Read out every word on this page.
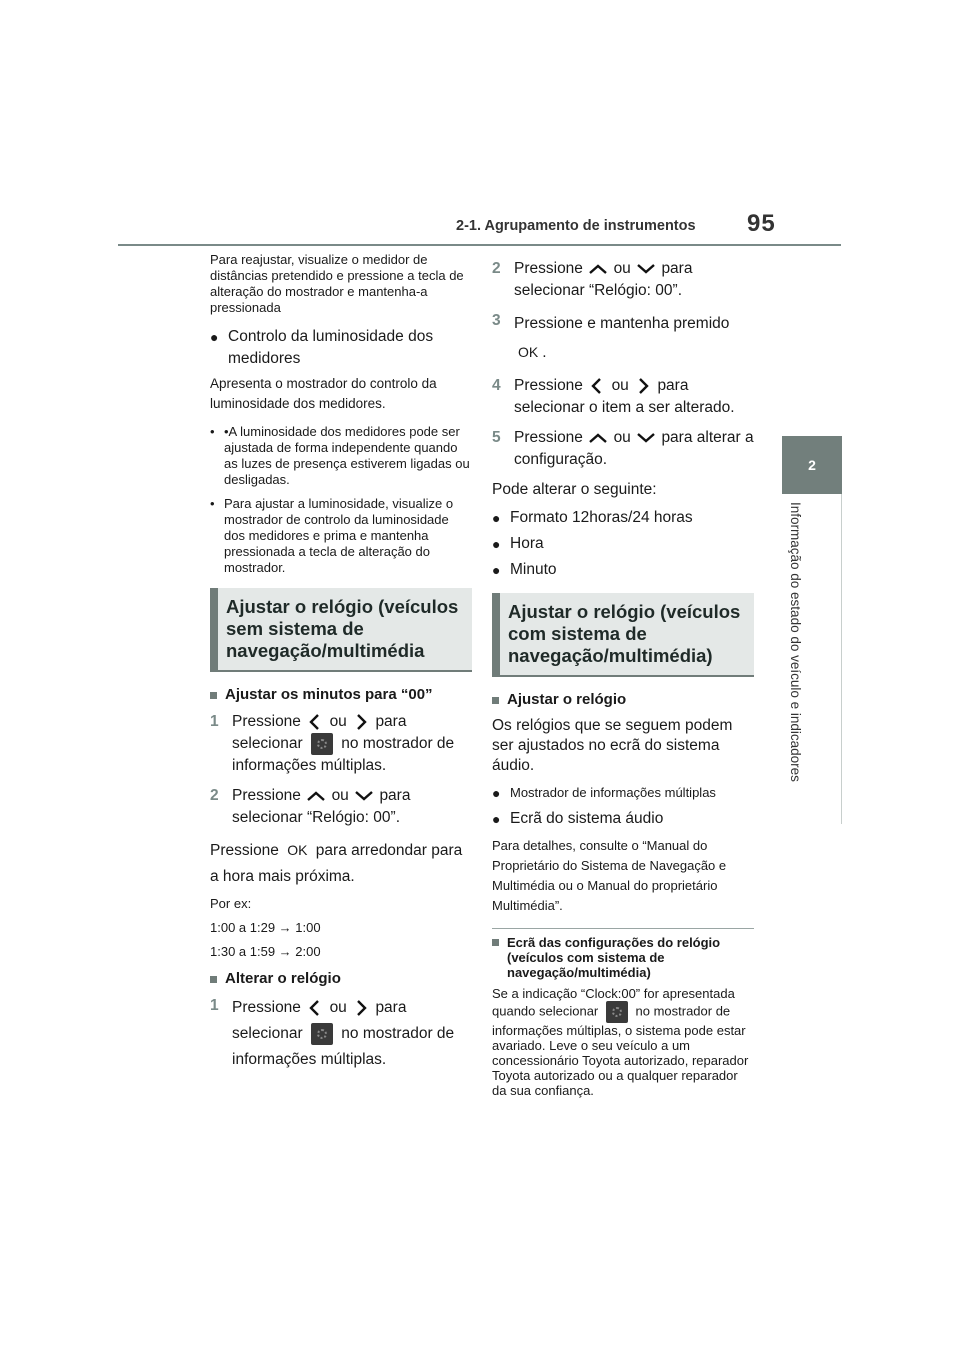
2-1. Agrupamento de instrumentos 95
2
Informação do estado do veículo e indicadores

Para reajustar, visualize o medidor de distâncias pretendido e pressione a tecla de alteração do mostrador e mantenha-a pressionada

● Controlo da luminosidade dos medidores

Apresenta o mostrador do controlo da luminosidade dos medidores.

• •A luminosidade dos medidores pode ser ajustada de forma independente quando as luzes de presença estiverem ligadas ou desligadas.
• Para ajustar a luminosidade, visualize o mostrador de controlo da luminosidade dos medidores e prima e mantenha pressionada a tecla de alteração do mostrador.
Ajustar o relógio (veículos sem sistema de navegação/multimédia
Ajustar os minutos para “00”
1 Pressione ou para selecionar no mostrador de informações múltiplas.
2 Pressione ou para selecionar “Relógio: 00”.

Pressione OK para arredondar para a hora mais próxima.

Por ex:

1:00 a 1:29 → 1:00

1:30 a 1:59 → 2:00

Alterar o relógio
1 Pressione ou para selecionar no mostrador de informações múltiplas.
2 Pressione ou para selecionar “Relógio: 00”.
3 Pressione e mantenha premido
OK .
4 Pressione ou para selecionar o item a ser alterado.
5 Pressione ou para alterar a configuração.

Pode alterar o seguinte:

● Formato 12horas/24 horas
● Hora
● Minuto
Ajustar o relógio (veículos com sistema de navegação/multimédia)
Ajustar o relógio

Os relógios que se seguem podem ser ajustados no ecrã do sistema áudio.

● Mostrador de informações múltiplas
● Ecrã do sistema áudio

Para detalhes, consulte o “Manual do Proprietário do Sistema de Navegação e Multimédia ou o Manual do proprietário Multimédia”.

Ecrã das configurações do relógio (veículos com sistema de navegação/multimédia)
Se a indicação “Clock:00” for apresentada quando selecionar	no mostrador de informações múltiplas, o sistema pode estar avariado. Leve o seu veículo a um concessionário Toyota autorizado, reparador Toyota autorizado ou a qualquer reparador da sua confiança.
